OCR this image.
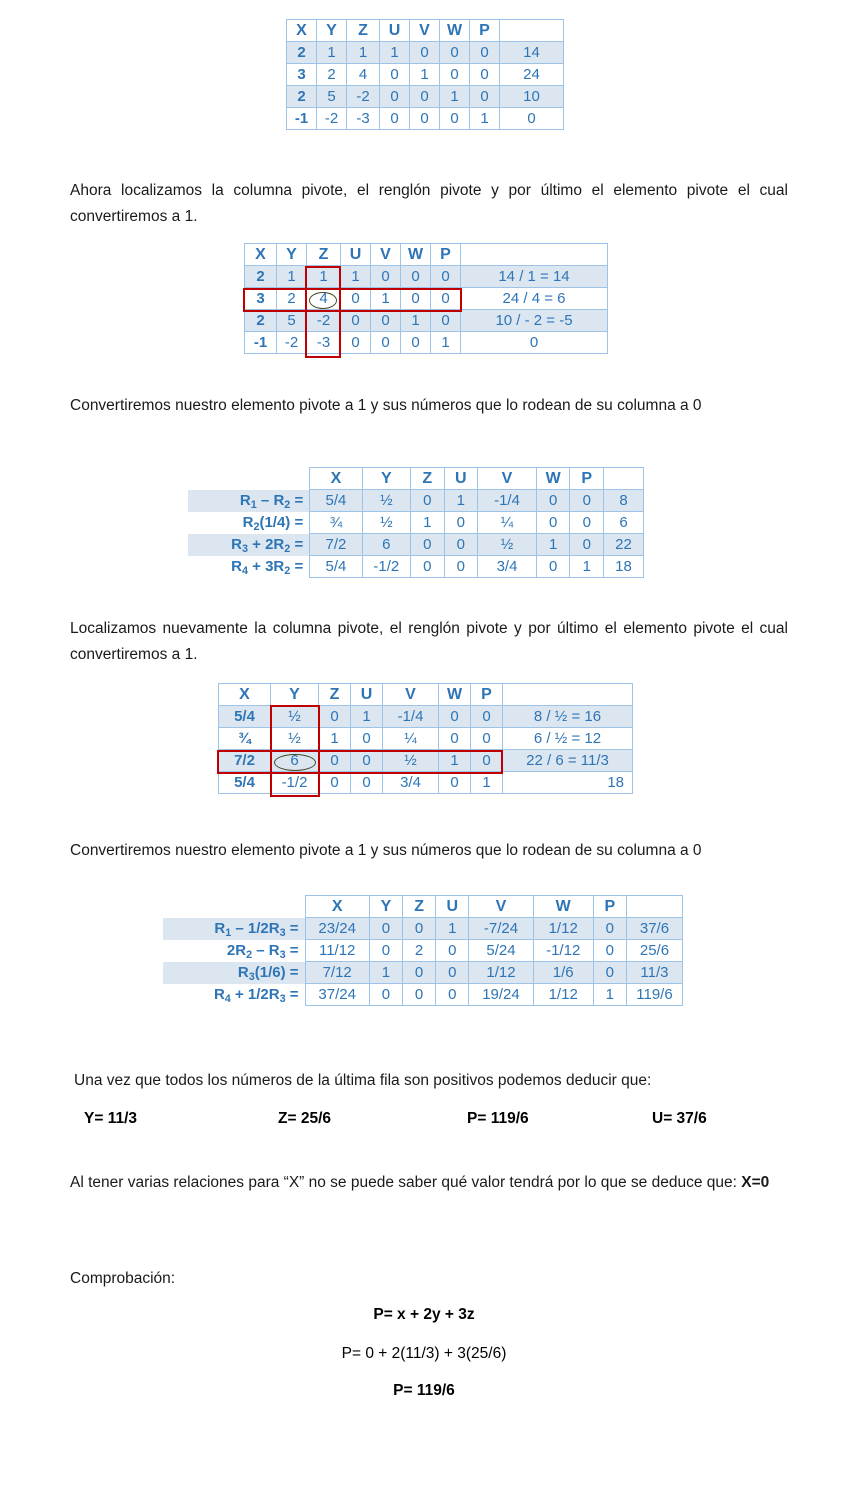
X	Y	Z	U	V	W	P	
2	1	1	1	0	0	0	14
3	2	4	0	1	0	0	24
2	5	-2	0	0	1	0	10
-1	-2	-3	0	0	0	1	0
Ahora localizamos la columna pivote, el renglón pivote y por último el elemento pivote el cual convertiremos a 1.
X	Y	Z	U	V	W	P	
2	1	1	1	0	0	0	14 / 1 = 14
3	2	4	0	1	0	0	24 / 4 = 6
2	5	-2	0	0	1	0	10 / - 2 = -5
-1	-2	-3	0	0	0	1	0
Convertiremos nuestro elemento pivote a 1 y sus números que lo rodean de su columna a 0
	X	Y	Z	U	V	W	P	
$R_1 - R_2$ =	5/4	½	0	1	-1/4	0	0	8
$R_2(1/4)$ =	¾	½	1	0	¼	0	0	6
$R_3 + 2R_2$ =	7/2	6	0	0	½	1	0	22
$R_4 + 3R_2$ =	5/4	-1/2	0	0	3/4	0	1	18
Localizamos nuevamente la columna pivote, el renglón pivote y por último el elemento pivote el cual convertiremos a 1.
X	Y	Z	U	V	W	P	
5/4	½	0	1	-1/4	0	0	8 / ½ = 16
¾	½	1	0	¼	0	0	6 / ½ = 12
7/2	6	0	0	½	1	0	22 / 6 = 11/3
5/4	-1/2	0	0	3/4	0	1	18
Convertiremos nuestro elemento pivote a 1 y sus números que lo rodean de su columna a 0
	X	Y	Z	U	V	W	P	
$R_1 - 1/2R_3$ =	23/24	0	0	1	-7/24	1/12	0	37/6
$2R_2 - R_3$ =	11/12	0	2	0	5/24	-1/12	0	25/6
$R_3(1/6)$ =	7/12	1	0	0	1/12	1/6	0	11/3
$R_4 + 1/2R_3$ =	37/24	0	0	0	19/24	1/12	1	119/6
Una vez que todos los números de la última fila son positivos podemos deducir que:
Y= 11/3	Z= 25/6	P= 119/6	U= 37/6
Al tener varias relaciones para “X” no se puede saber qué valor tendrá por lo que se deduce que: X=0
Comprobación:
P= x + 2y + 3z
P= 0 + 2(11/3) + 3(25/6)
P= 119/6
